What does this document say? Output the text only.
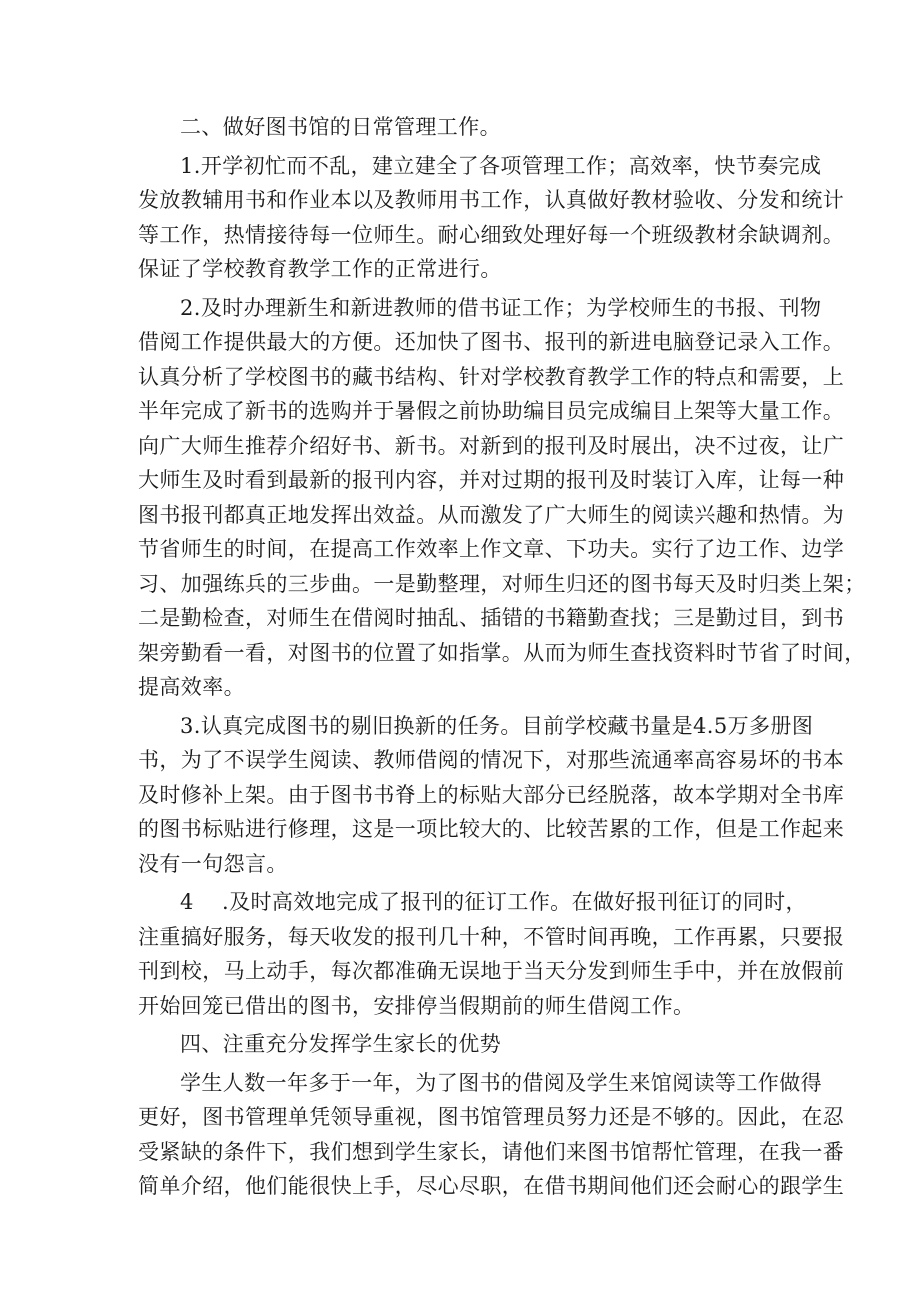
二、做好图书馆的日常管理工作。
1.开学初忙而不乱，建立建全了各项管理工作；高效率，快节奏完成
发放教辅用书和作业本以及教师用书工作，认真做好教材验收、分发和统计
等工作，热情接待每一位师生。耐心细致处理好每一个班级教材余缺调剂。
保证了学校教育教学工作的正常进行。
2.及时办理新生和新进教师的借书证工作；为学校师生的书报、刊物
借阅工作提供最大的方便。还加快了图书、报刊的新进电脑登记录入工作。
认真分析了学校图书的藏书结构、针对学校教育教学工作的特点和需要，上
半年完成了新书的选购并于暑假之前协助编目员完成编目上架等大量工作。
向广大师生推荐介绍好书、新书。对新到的报刊及时展出，决不过夜，让广
大师生及时看到最新的报刊内容，并对过期的报刊及时装订入库，让每一种
图书报刊都真正地发挥出效益。从而激发了广大师生的阅读兴趣和热情。为
节省师生的时间，在提高工作效率上作文章、下功夫。实行了边工作、边学
习、加强练兵的三步曲。一是勤整理，对师生归还的图书每天及时归类上架；
二是勤检查，对师生在借阅时抽乱、插错的书籍勤查找；三是勤过目，到书
架旁勤看一看，对图书的位置了如指掌。从而为师生查找资料时节省了时间，
提高效率。
3.认真完成图书的剔旧换新的任务。目前学校藏书量是4.5万多册图
书，为了不误学生阅读、教师借阅的情况下，对那些流通率高容易坏的书本
及时修补上架。由于图书书脊上的标贴大部分已经脱落，故本学期对全书库
的图书标贴进行修理，这是一项比较大的、比较苦累的工作，但是工作起来
没有一句怨言。
4    .及时高效地完成了报刊的征订工作。在做好报刊征订的同时，
注重搞好服务，每天收发的报刊几十种，不管时间再晚，工作再累，只要报
刊到校，马上动手，每次都准确无误地于当天分发到师生手中，并在放假前
开始回笼已借出的图书，安排停当假期前的师生借阅工作。
四、注重充分发挥学生家长的优势
学生人数一年多于一年，为了图书的借阅及学生来馆阅读等工作做得
更好，图书管理单凭领导重视，图书馆管理员努力还是不够的。因此，在忍
受紧缺的条件下，我们想到学生家长，请他们来图书馆帮忙管理，在我一番
简单介绍，他们能很快上手，尽心尽职，在借书期间他们还会耐心的跟学生
